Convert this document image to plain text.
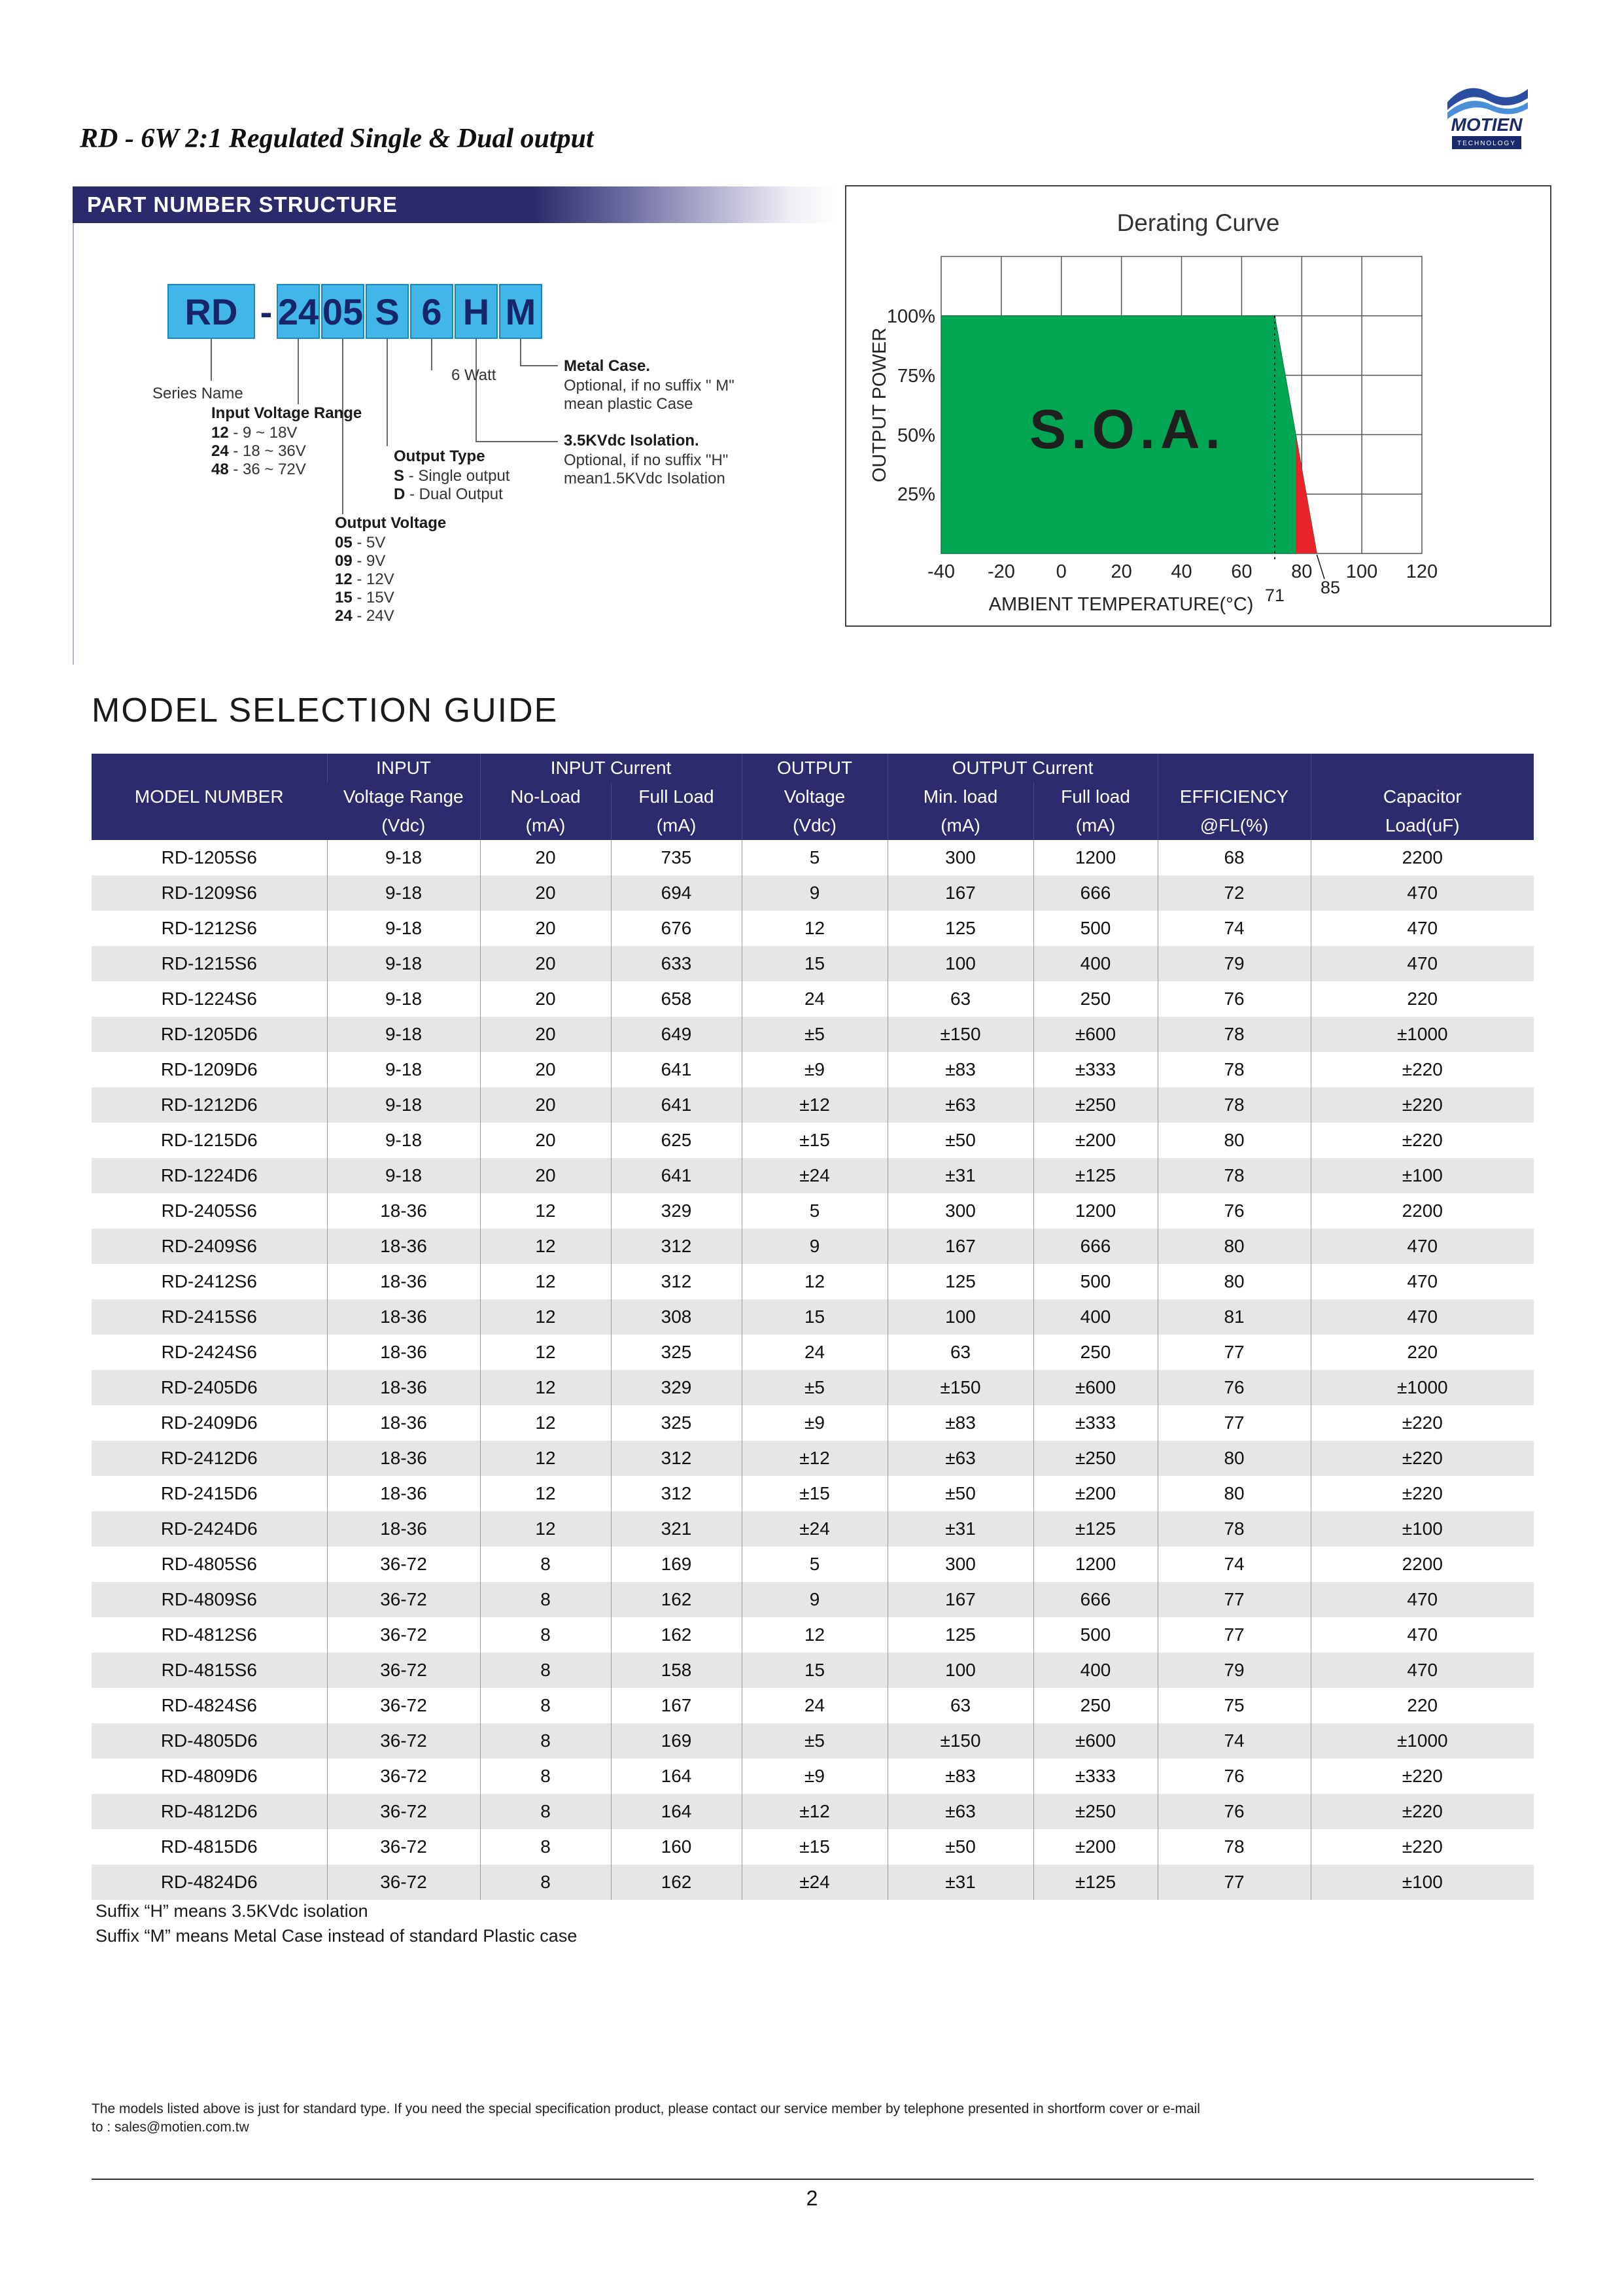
RD - 6W 2:1 Regulated Single & Dual output	MOTIEN
TECHNOLOGY
PART NUMBER STRUCTURE
RD - 24 05 S 6 H M
Series Name
Input Voltage Range
12 - 9 ~ 18V
24 - 18 ~ 36V
48 - 36 ~ 72V
Output Voltage
05 - 5V
09 - 9V
12 - 12V
15 - 15V
24 - 24V
Output Type
S - Single output
D - Dual Output
6 Watt
3.5KVdc Isolation.
Optional, if no suffix "H"
mean1.5KVdc Isolation
Metal Case.
Optional, if no suffix " M"
mean plastic Case
Derating Curve
S.O.A.
100%
75%
50%
25%
OUTPUT POWER
-40 -20 0 20 40 60 80 100 120
71 85
AMBIENT TEMPERATURE(°C)
MODEL SELECTION GUIDE
MODEL NUMBER	INPUT	INPUT Current		OUTPUT	OUTPUT Current			
	Voltage Range	No-Load	Full Load	Voltage	Min. load	Full load	EFFICIENCY	Capacitor
	(Vdc)	(mA)	(mA)	(Vdc)	(mA)	(mA)	@FL(%)	Load(uF)
RD-1205S6	9-18	20	735	5	300	1200	68	2200
RD-1209S6	9-18	20	694	9	167	666	72	470
RD-1212S6	9-18	20	676	12	125	500	74	470
RD-1215S6	9-18	20	633	15	100	400	79	470
RD-1224S6	9-18	20	658	24	63	250	76	220
RD-1205D6	9-18	20	649	±5	±150	±600	78	±1000
RD-1209D6	9-18	20	641	±9	±83	±333	78	±220
RD-1212D6	9-18	20	641	±12	±63	±250	78	±220
RD-1215D6	9-18	20	625	±15	±50	±200	80	±220
RD-1224D6	9-18	20	641	±24	±31	±125	78	±100
RD-2405S6	18-36	12	329	5	300	1200	76	2200
RD-2409S6	18-36	12	312	9	167	666	80	470
RD-2412S6	18-36	12	312	12	125	500	80	470
RD-2415S6	18-36	12	308	15	100	400	81	470
RD-2424S6	18-36	12	325	24	63	250	77	220
RD-2405D6	18-36	12	329	±5	±150	±600	76	±1000
RD-2409D6	18-36	12	325	±9	±83	±333	77	±220
RD-2412D6	18-36	12	312	±12	±63	±250	80	±220
RD-2415D6	18-36	12	312	±15	±50	±200	80	±220
RD-2424D6	18-36	12	321	±24	±31	±125	78	±100
RD-4805S6	36-72	8	169	5	300	1200	74	2200
RD-4809S6	36-72	8	162	9	167	666	77	470
RD-4812S6	36-72	8	162	12	125	500	77	470
RD-4815S6	36-72	8	158	15	100	400	79	470
RD-4824S6	36-72	8	167	24	63	250	75	220
RD-4805D6	36-72	8	169	±5	±150	±600	74	±1000
RD-4809D6	36-72	8	164	±9	±83	±333	76	±220
RD-4812D6	36-72	8	164	±12	±63	±250	76	±220
RD-4815D6	36-72	8	160	±15	±50	±200	78	±220
RD-4824D6	36-72	8	162	±24	±31	±125	77	±100
Suffix “H” means 3.5KVdc isolation
Suffix “M” means Metal Case instead of standard Plastic case
The models listed above is just for standard type. If you need the special specification product, please contact our service member by telephone presented in shortform cover or e-mail
to : sales@motien.com.tw
2
